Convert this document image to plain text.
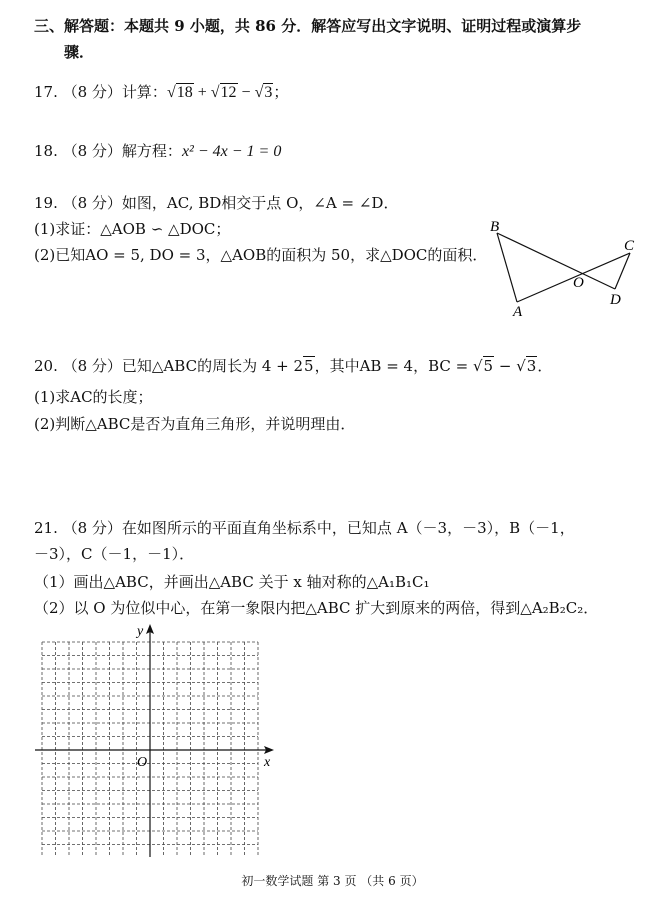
三、解答题：本题共 9 小题，共 86 分．解答应写出文字说明、证明过程或演算步
骤．
17. （8 分）计算：√18 + √12 − √3；
18. （8 分）解方程：x² − 4x − 1 = 0
19. （8 分）如图，AC, BD相交于点 O，∠A = ∠D．
(1)求证：△AOB ∽ △DOC；
(2)已知AO = 5, DO = 3，△AOB的面积为 50，求△DOC的面积．
B
C
O
D
A
20. （8 分）已知△ABC的周长为 4 + 25，其中AB = 4，BC = √5 − √3．
(1)求AC的长度；
(2)判断△ABC是否为直角三角形，并说明理由．
21. （8 分）在如图所示的平面直角坐标系中，已知点 A（－3，－3），B（－1，
－3），C（－1，－1）．
（1）画出△ABC，并画出△ABC 关于 x 轴对称的△A₁B₁C₁
（2）以 O 为位似中心，在第一象限内把△ABC 扩大到原来的两倍，得到△A₂B₂C₂．
y
x
O
初一数学试题 第 3 页 （共 6 页）
